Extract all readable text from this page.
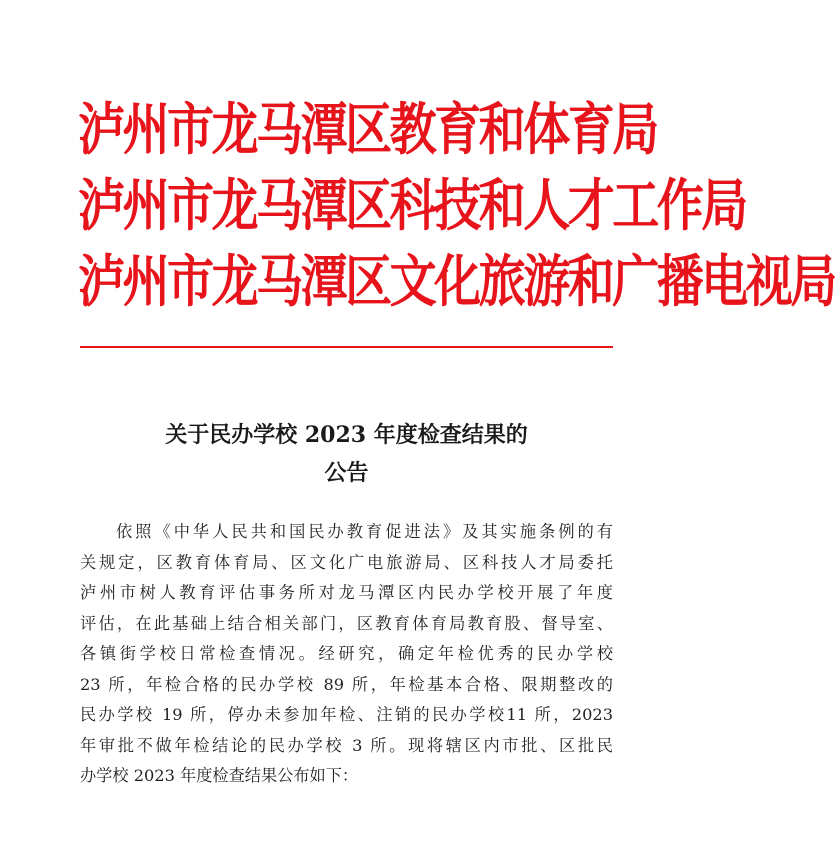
泸州市龙马潭区教育和体育局
泸州市龙马潭区科技和人才工作局
泸州市龙马潭区文化旅游和广播电视局
关于民办学校 2023 年度检查结果的
公告
依照《中华人民共和国民办教育促进法》及其实施条例的有
关规定，区教育体育局、区文化广电旅游局、区科技人才局委托
泸州市树人教育评估事务所对龙马潭区内民办学校开展了年度
评估，在此基础上结合相关部门，区教育体育局教育股、督导室、
各镇街学校日常检查情况。经研究，确定年检优秀的民办学校
23 所，年检合格的民办学校 89 所，年检基本合格、限期整改的
民办学校 19 所，停办未参加年检、注销的民办学校11 所，2023
年审批不做年检结论的民办学校 3 所。现将辖区内市批、区批民
办学校 2023 年度检查结果公布如下：
